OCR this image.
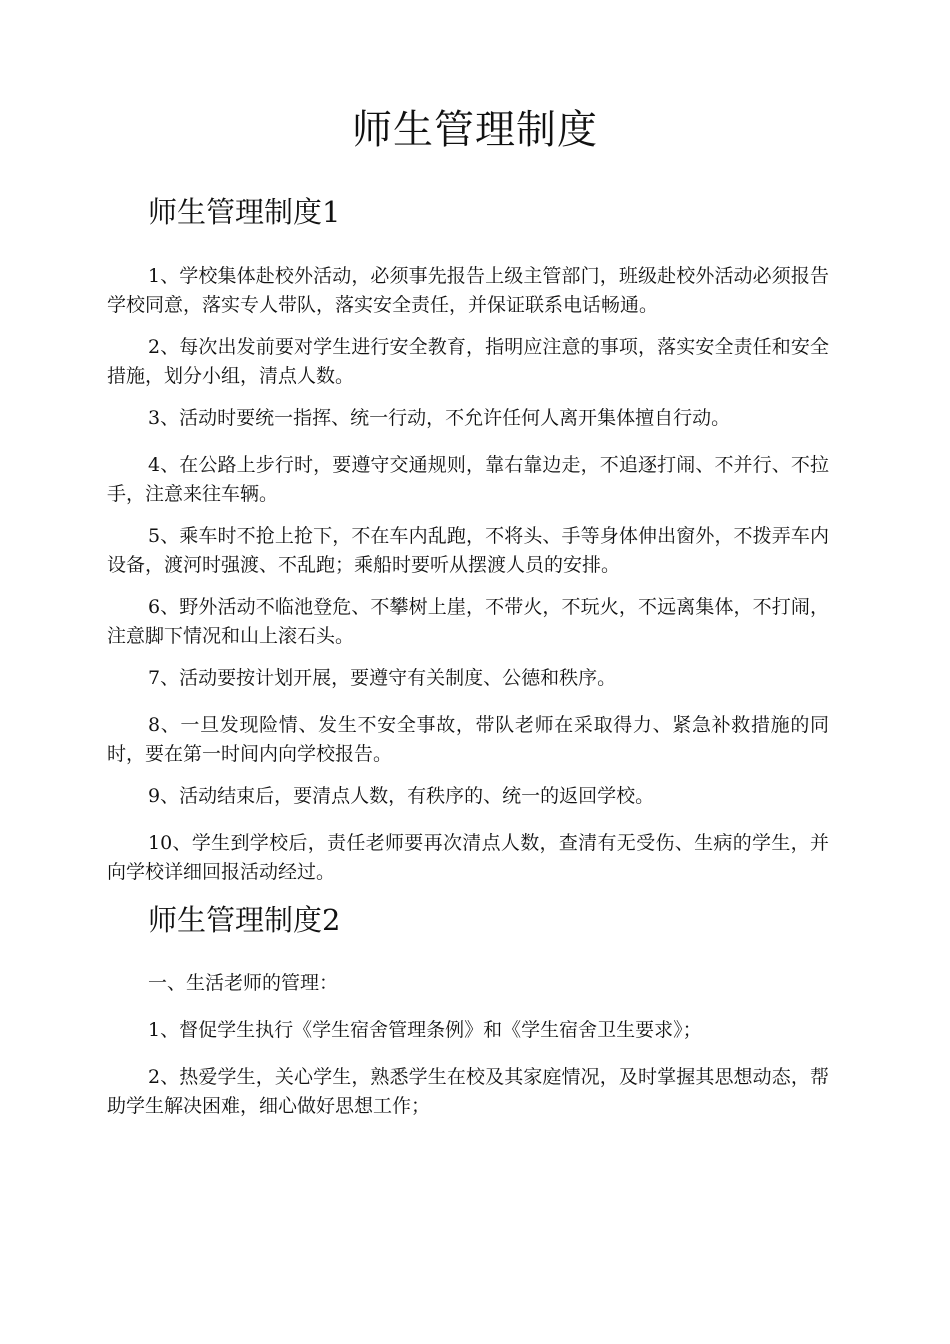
师生管理制度
师生管理制度1

1、学校集体赴校外活动，必须事先报告上级主管部门，班级赴校外活动必须报告学校同意，落实专人带队，落实安全责任，并保证联系电话畅通。

2、每次出发前要对学生进行安全教育，指明应注意的事项，落实安全责任和安全措施，划分小组，清点人数。

3、活动时要统一指挥、统一行动，不允许任何人离开集体擅自行动。

4、在公路上步行时，要遵守交通规则，靠右靠边走，不追逐打闹、不并行、不拉手，注意来往车辆。

5、乘车时不抢上抢下，不在车内乱跑，不将头、手等身体伸出窗外，不拨弄车内设备，渡河时强渡、不乱跑；乘船时要听从摆渡人员的安排。

6、野外活动不临池登危、不攀树上崖，不带火，不玩火，不远离集体，不打闹，注意脚下情况和山上滚石头。

7、活动要按计划开展，要遵守有关制度、公德和秩序。

8、一旦发现险情、发生不安全事故，带队老师在采取得力、紧急补救措施的同时，要在第一时间内向学校报告。

9、活动结束后，要清点人数，有秩序的、统一的返回学校。

10、学生到学校后，责任老师要再次清点人数，查清有无受伤、生病的学生，并向学校详细回报活动经过。

师生管理制度2

一、生活老师的管理：

1、督促学生执行《学生宿舍管理条例》和《学生宿舍卫生要求》；

2、热爱学生，关心学生，熟悉学生在校及其家庭情况，及时掌握其思想动态，帮助学生解决困难，细心做好思想工作；
